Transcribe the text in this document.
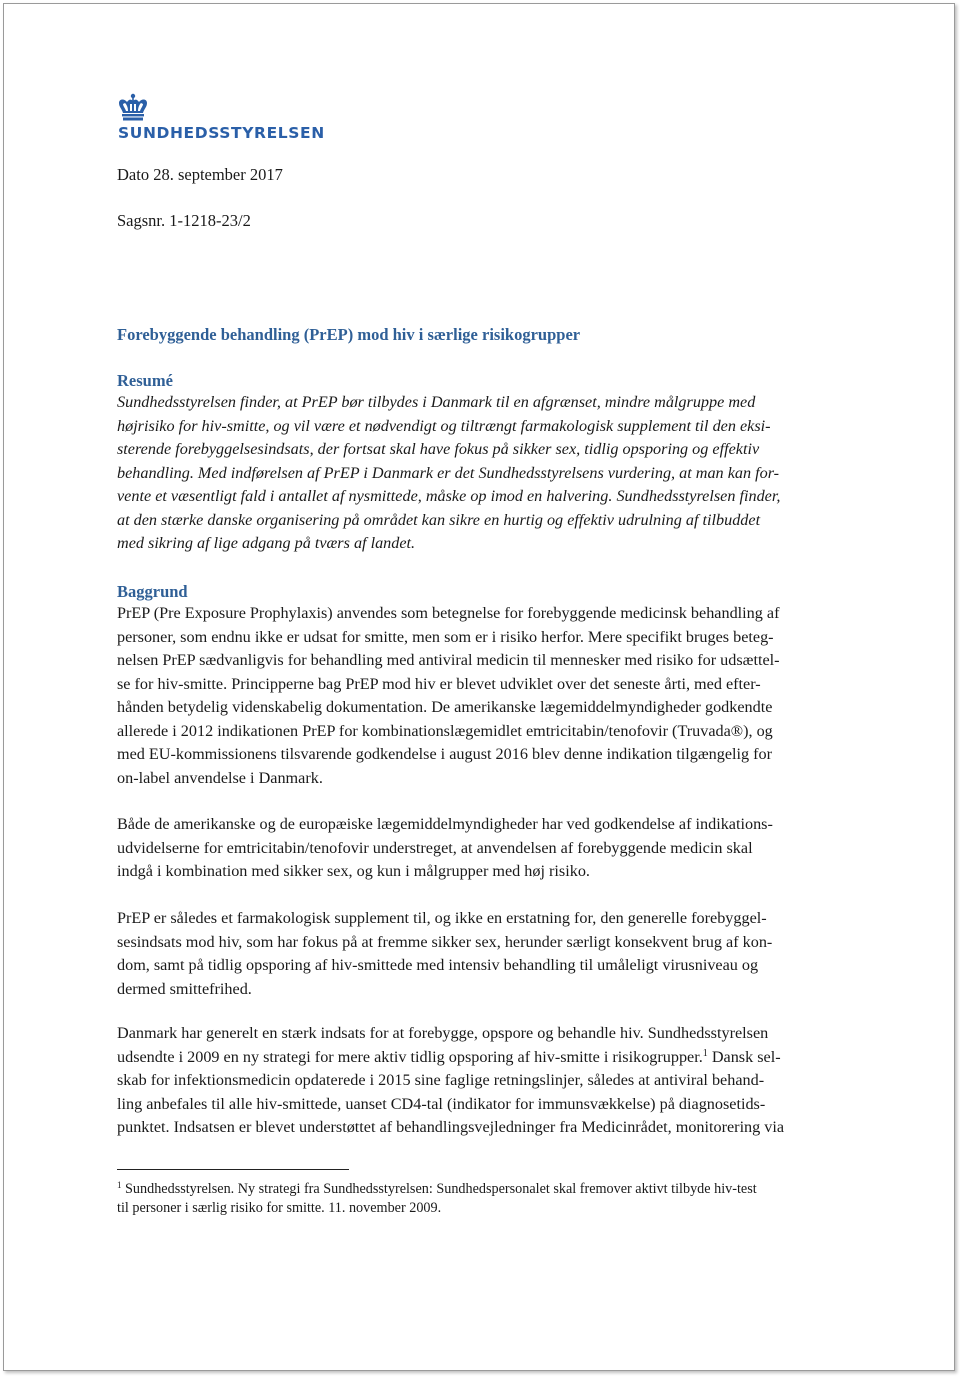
SUNDHEDSSTYRELSEN
Dato 28. september 2017
Sagsnr. 1-1218-23/2
Forebyggende behandling (PrEP) mod hiv i særlige risikogrupper
Resumé
Sundhedsstyrelsen finder, at PrEP bør tilbydes i Danmark til en afgrænset, mindre målgruppe med
højrisiko for hiv-smitte, og vil være et nødvendigt og tiltrængt farmakologisk supplement til den eksi-
sterende forebyggelsesindsats, der fortsat skal have fokus på sikker sex, tidlig opsporing og effektiv
behandling. Med indførelsen af PrEP i Danmark er det Sundhedsstyrelsens vurdering, at man kan for-
vente et væsentligt fald i antallet af nysmittede, måske op imod en halvering. Sundhedsstyrelsen finder,
at den stærke danske organisering på området kan sikre en hurtig og effektiv udrulning af tilbuddet
med sikring af lige adgang på tværs af landet.
Baggrund
PrEP (Pre Exposure Prophylaxis) anvendes som betegnelse for forebyggende medicinsk behandling af
personer, som endnu ikke er udsat for smitte, men som er i risiko herfor. Mere specifikt bruges beteg-
nelsen PrEP sædvanligvis for behandling med antiviral medicin til mennesker med risiko for udsættel-
se for hiv-smitte. Principperne bag PrEP mod hiv er blevet udviklet over det seneste årti, med efter-
hånden betydelig videnskabelig dokumentation. De amerikanske lægemiddelmyndigheder godkendte
allerede i 2012 indikationen PrEP for kombinationslægemidlet emtricitabin/tenofovir (Truvada®), og
med EU-kommissionens tilsvarende godkendelse i august 2016 blev denne indikation tilgængelig for
on-label anvendelse i Danmark.
Både de amerikanske og de europæiske lægemiddelmyndigheder har ved godkendelse af indikations-
udvidelserne for emtricitabin/tenofovir understreget, at anvendelsen af forebyggende medicin skal
indgå i kombination med sikker sex, og kun i målgrupper med høj risiko.
PrEP er således et farmakologisk supplement til, og ikke en erstatning for, den generelle forebyggel-
sesindsats mod hiv, som har fokus på at fremme sikker sex, herunder særligt konsekvent brug af kon-
dom, samt på tidlig opsporing af hiv-smittede med intensiv behandling til umåleligt virusniveau og
dermed smittefrihed.
Danmark har generelt en stærk indsats for at forebygge, opspore og behandle hiv. Sundhedsstyrelsen
udsendte i 2009 en ny strategi for mere aktiv tidlig opsporing af hiv-smitte i risikogrupper.$^1$ Dansk sel-
skab for infektionsmedicin opdaterede i 2015 sine faglige retningslinjer, således at antiviral behand-
ling anbefales til alle hiv-smittede, uanset CD4-tal (indikator for immunsvækkelse) på diagnosetids-
punktet. Indsatsen er blevet understøttet af behandlingsvejledninger fra Medicinrådet, monitorering via
$^1$ Sundhedsstyrelsen. Ny strategi fra Sundhedsstyrelsen: Sundhedspersonalet skal fremover aktivt tilbyde hiv-test
til personer i særlig risiko for smitte. 11. november 2009.
